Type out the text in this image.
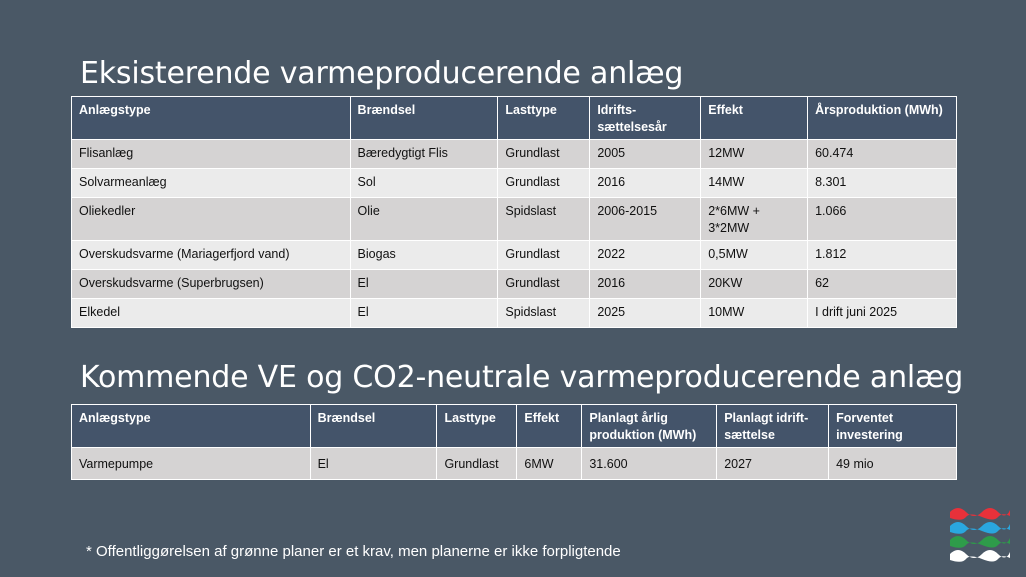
Eksisterende varmeproducerende anlæg
Anlægstype	Brændsel	Lasttype	Idrifts-sættelsesår	Effekt	Årsproduktion (MWh)
Flisanlæg	Bæredygtigt Flis	Grundlast	2005	12MW	60.474
Solvarmeanlæg	Sol	Grundlast	2016	14MW	8.301
Oliekedler	Olie	Spidslast	2006-2015	2*6MW + 3*2MW	1.066
Overskudsvarme (Mariagerfjord vand)	Biogas	Grundlast	2022	0,5MW	1.812
Overskudsvarme (Superbrugsen)	El	Grundlast	2016	20KW	62
Elkedel	El	Spidslast	2025	10MW	I drift juni 2025
Kommende VE og CO2-neutrale varmeproducerende anlæg
Anlægstype	Brændsel	Lasttype	Effekt	Planlagt årlig produktion (MWh)	Planlagt idrift-sættelse	Forventet investering
Varmepumpe	El	Grundlast	6MW	31.600	2027	49 mio
* Offentliggørelsen af grønne planer er et krav, men planerne er ikke forpligtende
